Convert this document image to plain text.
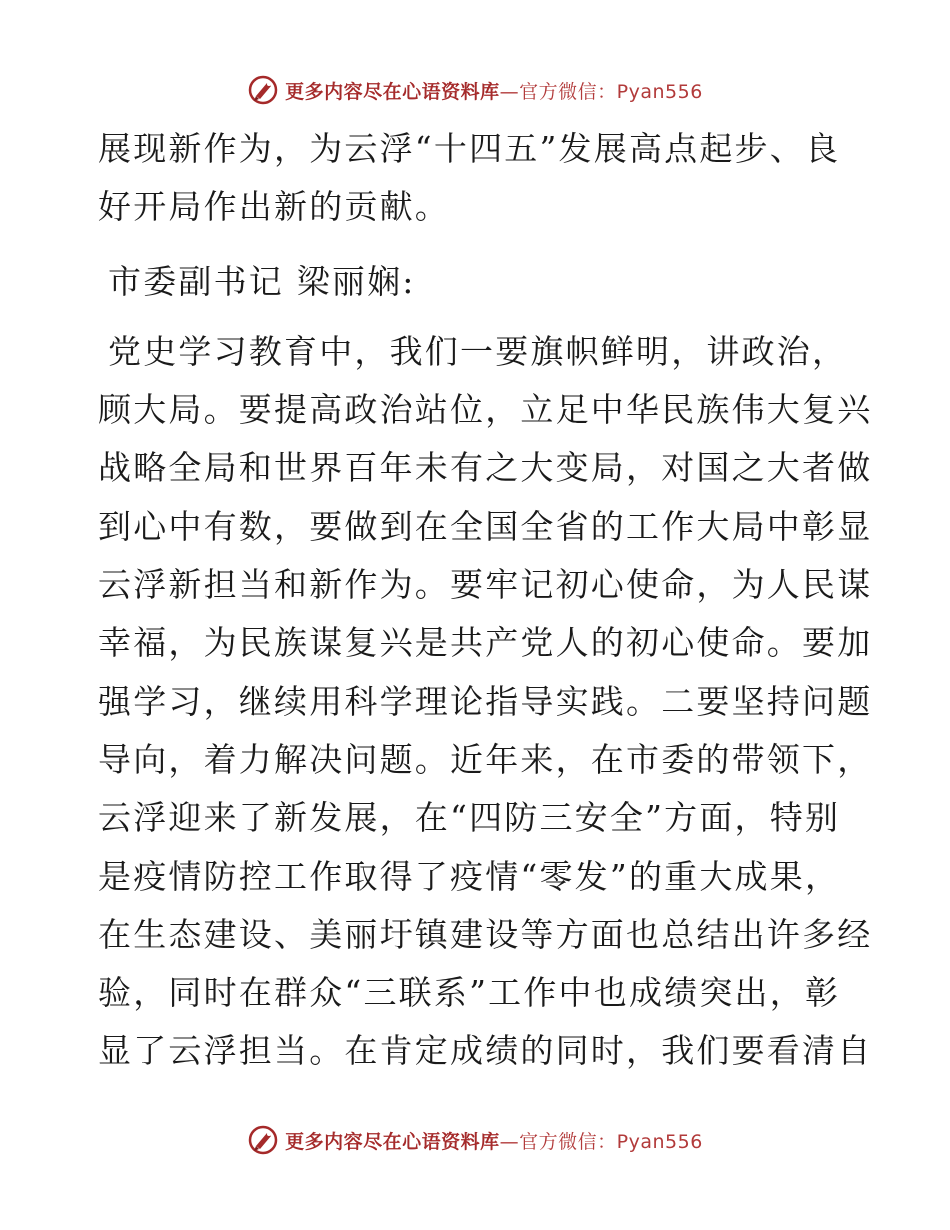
更多内容尽在心语资料库—官方微信：Pyan556
展现新作为，为云浮“十四五”发展高点起步、良
好开局作出新的贡献。
市委副书记 梁丽娴:
党史学习教育中，我们一要旗帜鲜明，讲政治，
顾大局。要提高政治站位，立足中华民族伟大复兴
战略全局和世界百年未有之大变局，对国之大者做
到心中有数，要做到在全国全省的工作大局中彰显
云浮新担当和新作为。要牢记初心使命，为人民谋
幸福，为民族谋复兴是共产党人的初心使命。要加
强学习，继续用科学理论指导实践。二要坚持问题
导向，着力解决问题。近年来，在市委的带领下，
云浮迎来了新发展，在“四防三安全”方面，特别
是疫情防控工作取得了疫情“零发”的重大成果，
在生态建设、美丽圩镇建设等方面也总结出许多经
验，同时在群众“三联系”工作中也成绩突出，彰
显了云浮担当。在肯定成绩的同时，我们要看清自
更多内容尽在心语资料库—官方微信：Pyan556
